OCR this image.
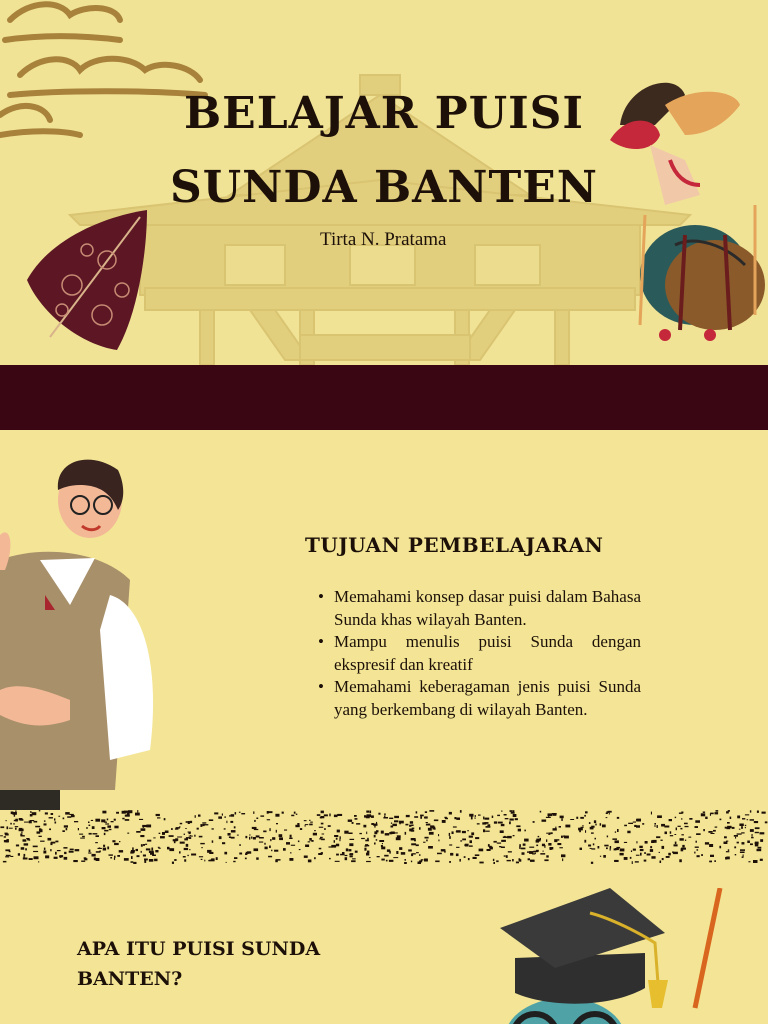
BELAJAR PUISI
SUNDA BANTEN
Tirta N. Pratama
TUJUAN PEMBELAJARAN
• Memahami konsep dasar puisi dalam Bahasa Sunda khas wilayah Banten.
• Mampu menulis puisi Sunda dengan ekspresif dan kreatif
• Memahami keberagaman jenis puisi Sunda yang berkembang di wilayah Banten.
APA ITU PUISI SUNDA
BANTEN?
